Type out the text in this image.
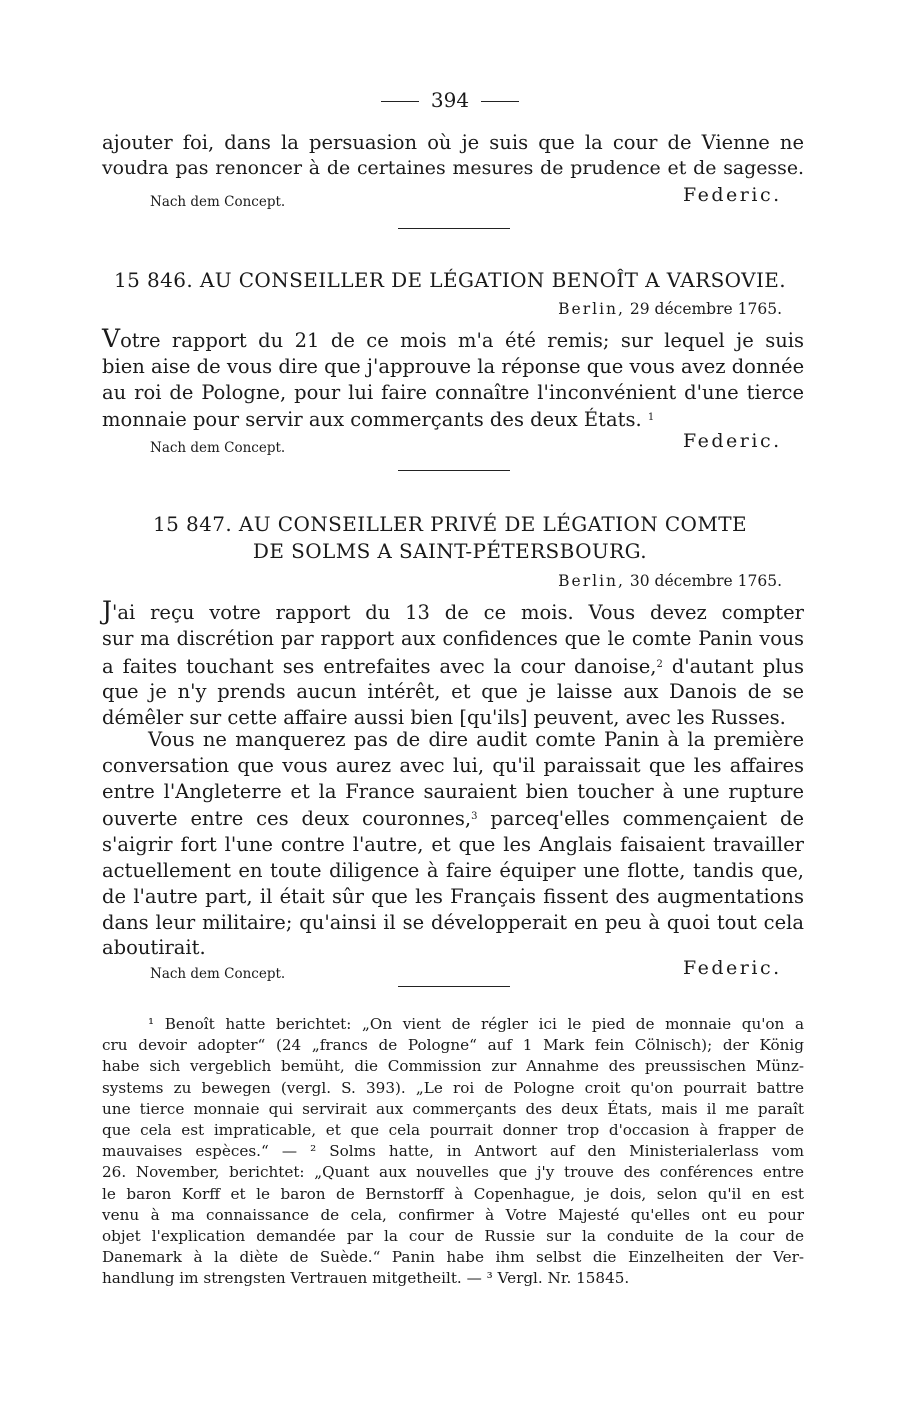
394
ajouter foi, dans la persuasion où je suis que la cour de Vienne ne
voudra pas renoncer à de certaines mesures de prudence et de sagesse.
Nach dem Concept.	Federic.
15 846. AU CONSEILLER DE LÉGATION BENOÎT A VARSOVIE.
Berlin, 29 décembre 1765.
Votre rapport du 21 de ce mois m'a été remis; sur lequel je suis
bien aise de vous dire que j'approuve la réponse que vous avez donnée
au roi de Pologne, pour lui faire connaître l'inconvénient d'une tierce
monnaie pour servir aux commerçants des deux États. $^1$
Nach dem Concept.	Federic.
15 847. AU CONSEILLER PRIVÉ DE LÉGATION COMTE
DE SOLMS A SAINT-PÉTERSBOURG.
Berlin, 30 décembre 1765.
J'ai reçu votre rapport du 13 de ce mois. Vous devez compter
sur ma discrétion par rapport aux confidences que le comte Panin vous
a faites touchant ses entrefaites avec la cour danoise,$^2$ d'autant plus
que je n'y prends aucun intérêt, et que je laisse aux Danois de se
démêler sur cette affaire aussi bien [qu'ils] peuvent, avec les Russes.
Vous ne manquerez pas de dire audit comte Panin à la première
conversation que vous aurez avec lui, qu'il paraissait que les affaires
entre l'Angleterre et la France sauraient bien toucher à une rupture
ouverte entre ces deux couronnes,$^3$ parceq'elles commençaient de
s'aigrir fort l'une contre l'autre, et que les Anglais faisaient travailler
actuellement en toute diligence à faire équiper une flotte, tandis que,
de l'autre part, il était sûr que les Français fissent des augmentations
dans leur militaire; qu'ainsi il se développerait en peu à quoi tout cela
aboutirait.
Nach dem Concept.	Federic.
¹ Benoît hatte berichtet: „On vient de régler ici le pied de monnaie qu'on a
cru devoir adopter“ (24 „francs de Pologne“ auf 1 Mark fein Cölnisch); der König
habe sich vergeblich bemüht, die Commission zur Annahme des preussischen Münz-
systems zu bewegen (vergl. S. 393). „Le roi de Pologne croit qu'on pourrait battre
une tierce monnaie qui servirait aux commerçants des deux États, mais il me paraît
que cela est impraticable, et que cela pourrait donner trop d'occasion à frapper de
mauvaises espèces.“ — ² Solms hatte, in Antwort auf den Ministerialerlass vom
26. November, berichtet: „Quant aux nouvelles que j'y trouve des conférences entre
le baron Korff et le baron de Bernstorff à Copenhague, je dois, selon qu'il en est
venu à ma connaissance de cela, confirmer à Votre Majesté qu'elles ont eu pour
objet l'explication demandée par la cour de Russie sur la conduite de la cour de
Danemark à la diète de Suède.“ Panin habe ihm selbst die Einzelheiten der Ver-
handlung im strengsten Vertrauen mitgetheilt. — ³ Vergl. Nr. 15845.
